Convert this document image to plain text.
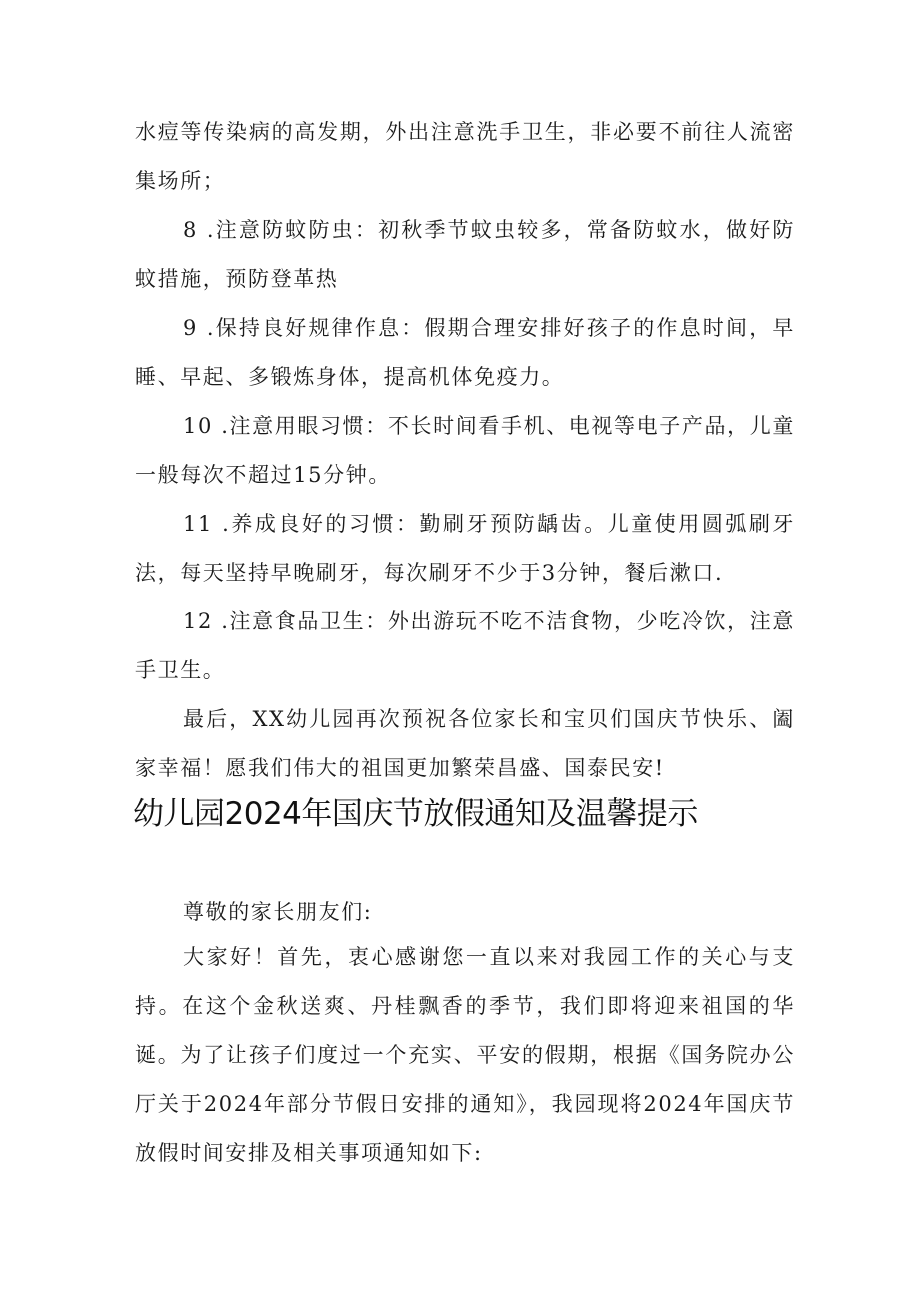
水痘等传染病的高发期，外出注意洗手卫生，非必要不前往人流密集场所；

8 .注意防蚊防虫：初秋季节蚊虫较多，常备防蚊水，做好防蚊措施，预防登革热

9 .保持良好规律作息：假期合理安排好孩子的作息时间，早睡、早起、多锻炼身体，提高机体免疫力。

10 .注意用眼习惯：不长时间看手机、电视等电子产品，儿童一般每次不超过15分钟。

11 .养成良好的习惯：勤刷牙预防龋齿。儿童使用圆弧刷牙法，每天坚持早晚刷牙，每次刷牙不少于3分钟，餐后漱口.

12 .注意食品卫生：外出游玩不吃不洁食物，少吃冷饮，注意手卫生。

最后，XX幼儿园再次预祝各位家长和宝贝们国庆节快乐、阖家幸福！愿我们伟大的祖国更加繁荣昌盛、国泰民安!

幼儿园2024年国庆节放假通知及温馨提示

尊敬的家长朋友们:

大家好！首先，衷心感谢您一直以来对我园工作的关心与支持。在这个金秋送爽、丹桂飘香的季节，我们即将迎来祖国的华诞。为了让孩子们度过一个充实、平安的假期，根据《国务院办公厅关于2024年部分节假日安排的通知》，我园现将2024年国庆节放假时间安排及相关事项通知如下:
